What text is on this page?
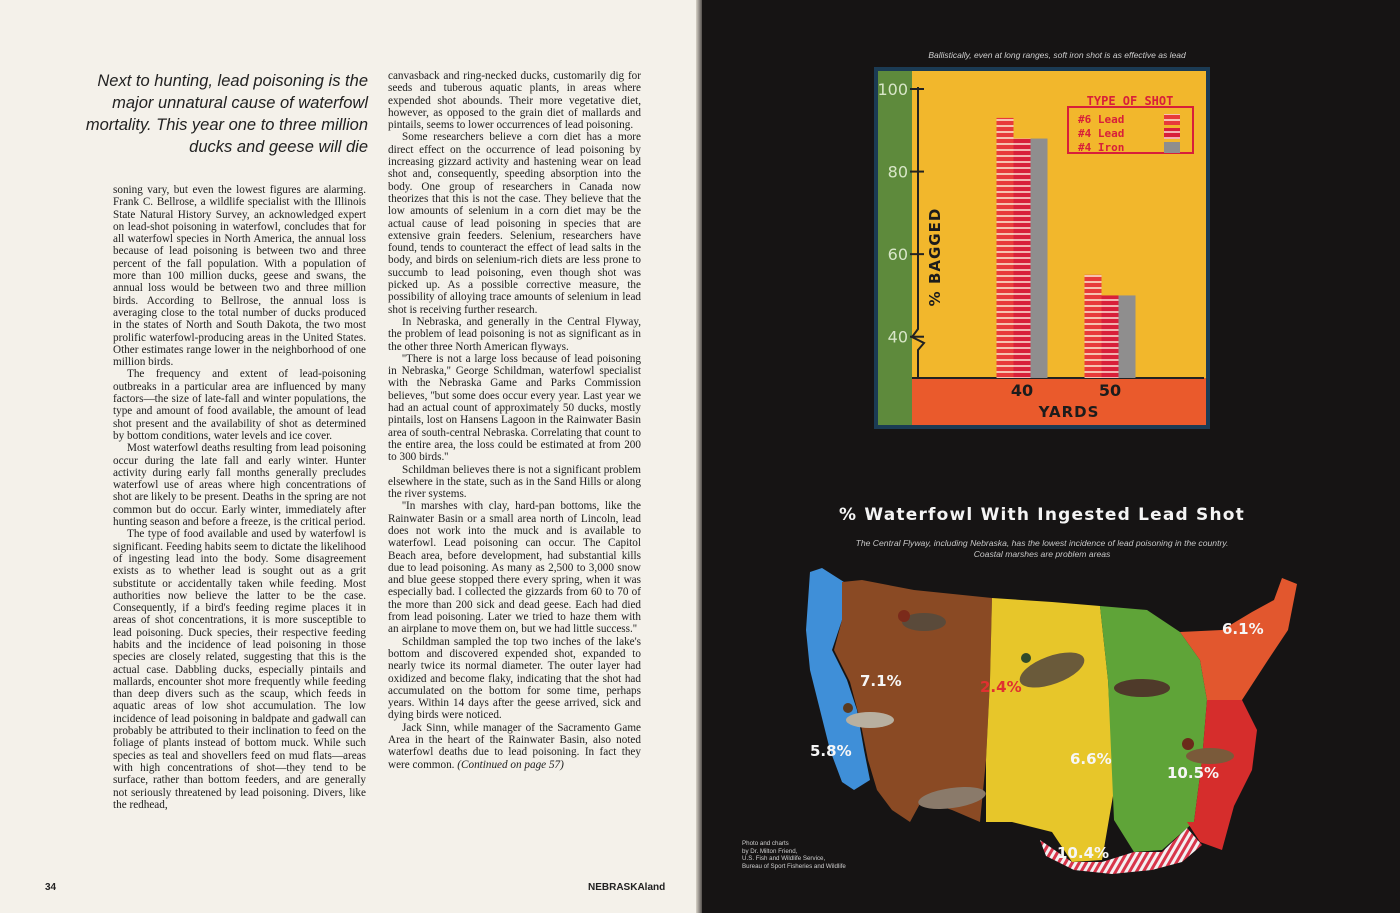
Next to hunting, lead poisoning is the major unnatural cause of waterfowl mortality. This year one to three million ducks and geese will die

soning vary, but even the lowest figures are alarming. Frank C. Bellrose, a wildlife specialist with the Illinois State Natural History Survey, an acknowledged expert on lead-shot poisoning in waterfowl, concludes that for all waterfowl species in North America, the annual loss because of lead poisoning is between two and three percent of the fall population. With a population of more than 100 million ducks, geese and swans, the annual loss would be between two and three million birds. According to Bellrose, the annual loss is averaging close to the total number of ducks produced in the states of North and South Dakota, the two most prolific waterfowl-producing areas in the United States. Other estimates range lower in the neighborhood of one million birds.

The frequency and extent of lead-poisoning outbreaks in a particular area are influenced by many factors—the size of late-fall and winter populations, the type and amount of food available, the amount of lead shot present and the availability of shot as determined by bottom conditions, water levels and ice cover.

Most waterfowl deaths resulting from lead poisoning occur during the late fall and early winter. Hunter activity during early fall months generally precludes waterfowl use of areas where high concentrations of shot are likely to be present. Deaths in the spring are not common but do occur. Early winter, immediately after hunting season and before a freeze, is the critical period.

The type of food available and used by waterfowl is significant. Feeding habits seem to dictate the likelihood of ingesting lead into the body. Some disagreement exists as to whether lead is sought out as a grit substitute or accidentally taken while feeding. Most authorities now believe the latter to be the case. Consequently, if a bird's feeding regime places it in areas of shot concentrations, it is more susceptible to lead poisoning. Duck species, their respective feeding habits and the incidence of lead poisoning in those species are closely related, suggesting that this is the actual case. Dabbling ducks, especially pintails and mallards, encounter shot more frequently while feeding than deep divers such as the scaup, which feeds in aquatic areas of low shot accumulation. The low incidence of lead poisoning in baldpate and gadwall can probably be attributed to their inclination to feed on the foliage of plants instead of bottom muck. While such species as teal and shovellers feed on mud flats—areas with high concentrations of shot—they tend to be surface, rather than bottom feeders, and are generally not seriously threatened by lead poisoning. Divers, like the redhead,

canvasback and ring-necked ducks, customarily dig for seeds and tuberous aquatic plants, in areas where expended shot abounds. Their more vegetative diet, however, as opposed to the grain diet of mallards and pintails, seems to lower occurrences of lead poisoning.

Some researchers believe a corn diet has a more direct effect on the occurrence of lead poisoning by increasing gizzard activity and hastening wear on lead shot and, consequently, speeding absorption into the body. One group of researchers in Canada now theorizes that this is not the case. They believe that the low amounts of selenium in a corn diet may be the actual cause of lead poisoning in species that are extensive grain feeders. Selenium, researchers have found, tends to counteract the effect of lead salts in the body, and birds on selenium-rich diets are less prone to succumb to lead poisoning, even though shot was picked up. As a possible corrective measure, the possibility of alloying trace amounts of selenium in lead shot is receiving further research.

In Nebraska, and generally in the Central Flyway, the problem of lead poisoning is not as significant as in the other three North American flyways.

''There is not a large loss because of lead poisoning in Nebraska,'' George Schildman, waterfowl specialist with the Nebraska Game and Parks Commission believes, ''but some does occur every year. Last year we had an actual count of approximately 50 ducks, mostly pintails, lost on Hansens Lagoon in the Rainwater Basin area of south-central Nebraska. Correlating that count to the entire area, the loss could be estimated at from 200 to 300 birds.''

Schildman believes there is not a significant problem elsewhere in the state, such as in the Sand Hills or along the river systems.

''In marshes with clay, hard-pan bottoms, like the Rainwater Basin or a small area north of Lincoln, lead does not work into the muck and is available to waterfowl. Lead poisoning can occur. The Capitol Beach area, before development, had substantial kills due to lead poisoning. As many as 2,500 to 3,000 snow and blue geese stopped there every spring, when it was especially bad. I collected the gizzards from 60 to 70 of the more than 200 sick and dead geese. Each had died from lead poisoning. Later we tried to haze them with an airplane to move them on, but we had little success.''

Schildman sampled the top two inches of the lake's bottom and discovered expended shot, expanded to nearly twice its normal diameter. The outer layer had oxidized and become flaky, indicating that the shot had accumulated on the bottom for some time, perhaps years. Within 14 days after the geese arrived, sick and dying birds were noticed.

Jack Sinn, while manager of the Sacramento Game Area in the heart of the Rainwater Basin, also noted waterfowl deaths due to lead poisoning. In fact they were common. (Continued on page 57)

34	NEBRASKAland
Ballistically, even at long ranges, soft iron shot is as effective as lead
100
80
60
40
40	50
% BAGGED
YARDS
TYPE OF SHOT
#6 Lead
#4 Lead
#4 Iron
% Waterfowl With Ingested Lead Shot
The Central Flyway, including Nebraska, has the lowest incidence of lead poisoning in the country. Coastal marshes are problem areas
5.8%
7.1%	2.4%
6.6%
6.1%
10.5%
10.4%
Photo and charts
by Dr. Milton Friend,
U.S. Fish and Wildlife Service,
Bureau of Sport Fisheries and Wildlife
